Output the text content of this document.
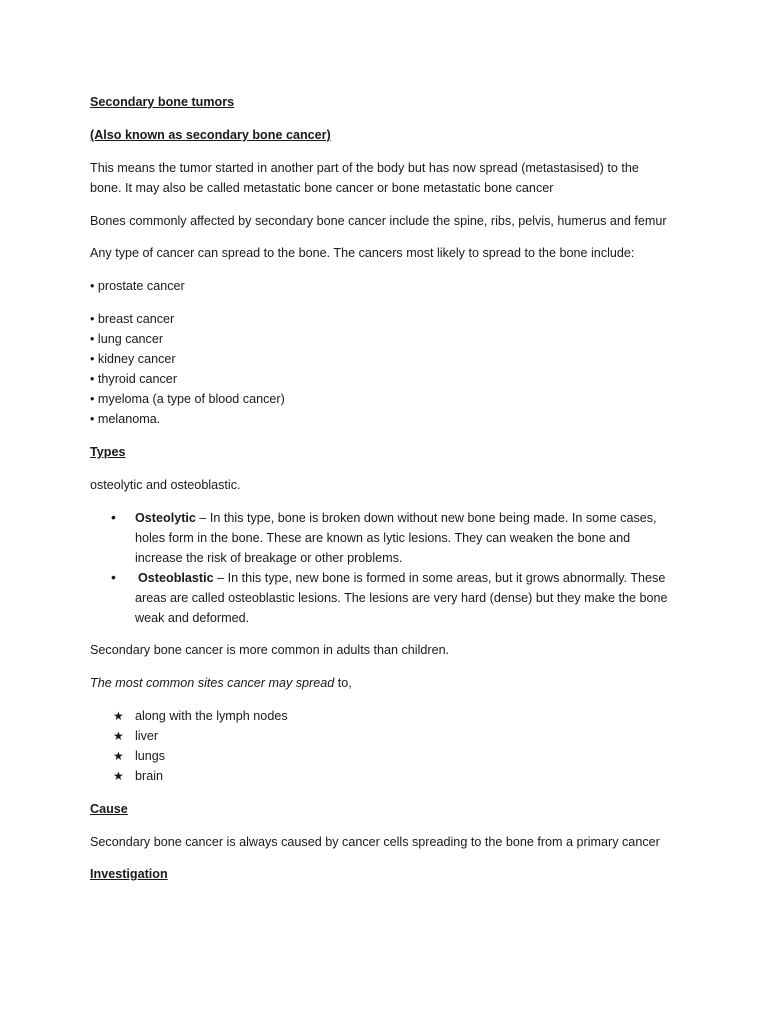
Secondary bone tumors
(Also known as secondary bone cancer)
This means the tumor started in another part of the body but has now spread (metastasised) to the
bone. It may also be called metastatic bone cancer or bone metastatic bone cancer
Bones commonly affected by secondary bone cancer include the spine, ribs, pelvis, humerus and femur
Any type of cancer can spread to the bone. The cancers most likely to spread to the bone include:
• prostate cancer
• breast cancer
• lung cancer
• kidney cancer
• thyroid cancer
• myeloma (a type of blood cancer)
• melanoma.
Types
osteolytic and osteoblastic.
• Osteolytic – In this type, bone is broken down without new bone being made. In some cases,
holes form in the bone. These are known as lytic lesions. They can weaken the bone and
increase the risk of breakage or other problems.
• Osteoblastic – In this type, new bone is formed in some areas, but it grows abnormally. These
areas are called osteoblastic lesions. The lesions are very hard (dense) but they make the bone
weak and deformed.
Secondary bone cancer is more common in adults than children.
The most common sites cancer may spread to,
★ along with the lymph nodes
★ liver
★ lungs
★ brain
Cause
Secondary bone cancer is always caused by cancer cells spreading to the bone from a primary cancer
Investigation
